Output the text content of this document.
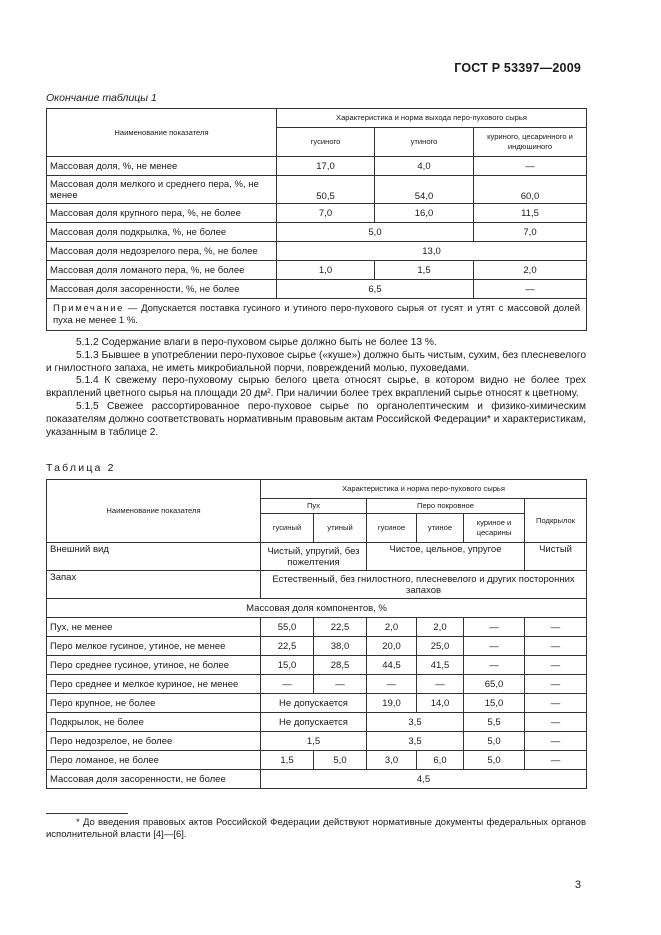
ГОСТ Р 53397—2009
Окончание таблицы 1
Наименование показателя	Характеристика и норма выхода перо-пухового сырья		
	гусиного	утиного	куриного, цесаринного и индюшиного
Массовая доля, %, не менее	17,0	4,0	—
Массовая доля мелкого и среднего пера, %, не менее	50,5	54,0	60,0
Массовая доля крупного пера, %, не более	7,0	16,0	11,5
Массовая доля подкрылка, %, не более	5,0		7,0
Массовая доля недозрелого пера, %, не более	13,0		
Массовая доля ломаного пера, %, не более	1,0	1,5	2,0
Массовая доля засоренности, %, не более	6,5		—
Примечание — Допускается поставка гусиного и утиного перо-пухового сырья от гусят и утят с массовой долей пуха не менее 1 %.			

5.1.2 Содержание влаги в перо-пуховом сырье должно быть не более 13 %.

5.1.3 Бывшее в употреблении перо-пуховое сырье («куше») должно быть чистым, сухим, без плесневелого и гнилостного запаха, не иметь микробиальной порчи, повреждений молью, пуховедами.

5.1.4 К свежему перо-пуховому сырью белого цвета относят сырье, в котором видно не более трех вкраплений цветного сырья на площади 20 дм². При наличии более трех вкраплений сырье относят к цветному.

5.1.5 Свежее рассортированное перо-пуховое сырье по органолептическим и физико-химическим показателям должно соответствовать нормативным правовым актам Российской Федерации* и характеристикам, указанным в таблице 2.

Таблица 2
Наименование показателя	Характеристика и норма перо-пухового сырья					
	Пух		Перо покровное			Подкрылок
	гусиный	утиный	гусиное	утиное	куриное и цесарины	
Внешний вид	Чистый, упругий, без пожелтения		Чистое, цельное, упругое			Чистый
Запах	Естественный, без гнилостного, плесневелого и других посторонних запахов					
Массовая доля компонентов, %						
Пух, не менее	55,0	22,5	2,0	2,0	—	—
Перо мелкое гусиное, утиное, не менее	22,5	38,0	20,0	25,0	—	—
Перо среднее гусиное, утиное, не более	15,0	28,5	44,5	41,5	—	—
Перо среднее и мелкое куриное, не менее	—	—	—	—	65,0	—
Перо крупное, не более	Не допускается		19,0	14,0	15,0	—
Подкрылок, не более	Не допускается		3,5		5,5	—
Перо недозрелое, не более	1,5		3,5		5,0	—
Перо ломаное, не более	1,5	5,0	3,0	6,0	5,0	—
Массовая доля засоренности, не более	4,5					

* До введения правовых актов Российской Федерации действуют нормативные документы федеральных органов исполнительной власти [4]—[6].

3
